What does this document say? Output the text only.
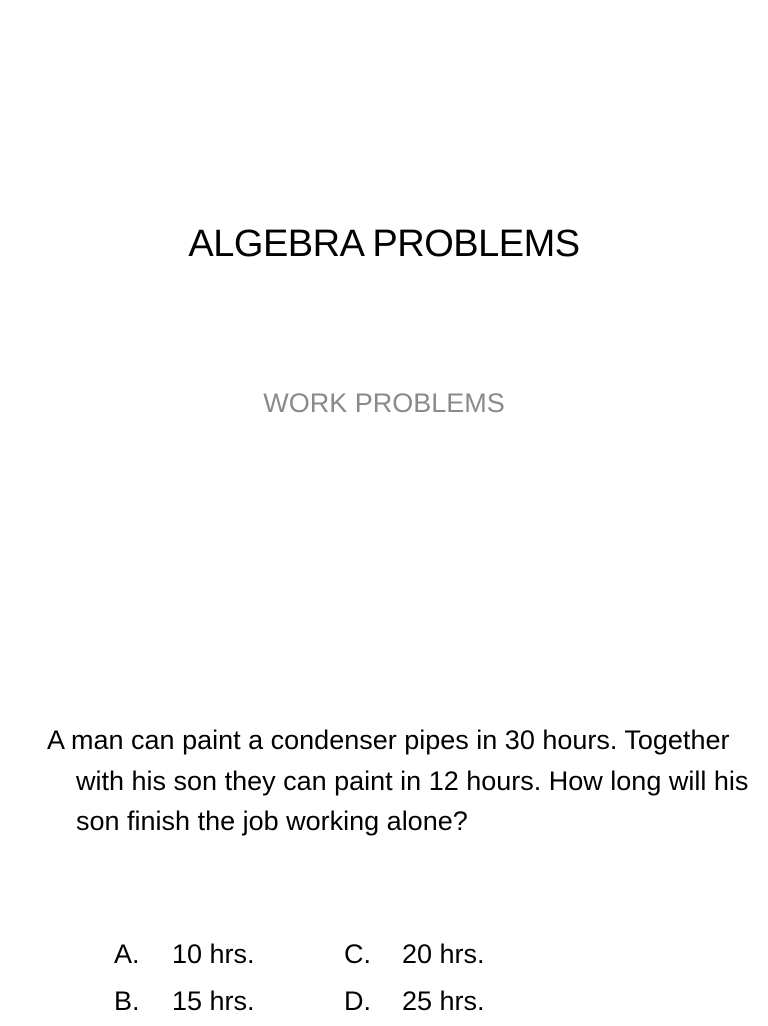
ALGEBRA PROBLEMS
WORK PROBLEMS

A man can paint a condenser pipes in 30 hours. Together with his son they can paint in 12 hours. How long will his son finish the job working alone?

A. 10 hrs.	C. 20 hrs.
B. 15 hrs.	D. 25 hrs.
